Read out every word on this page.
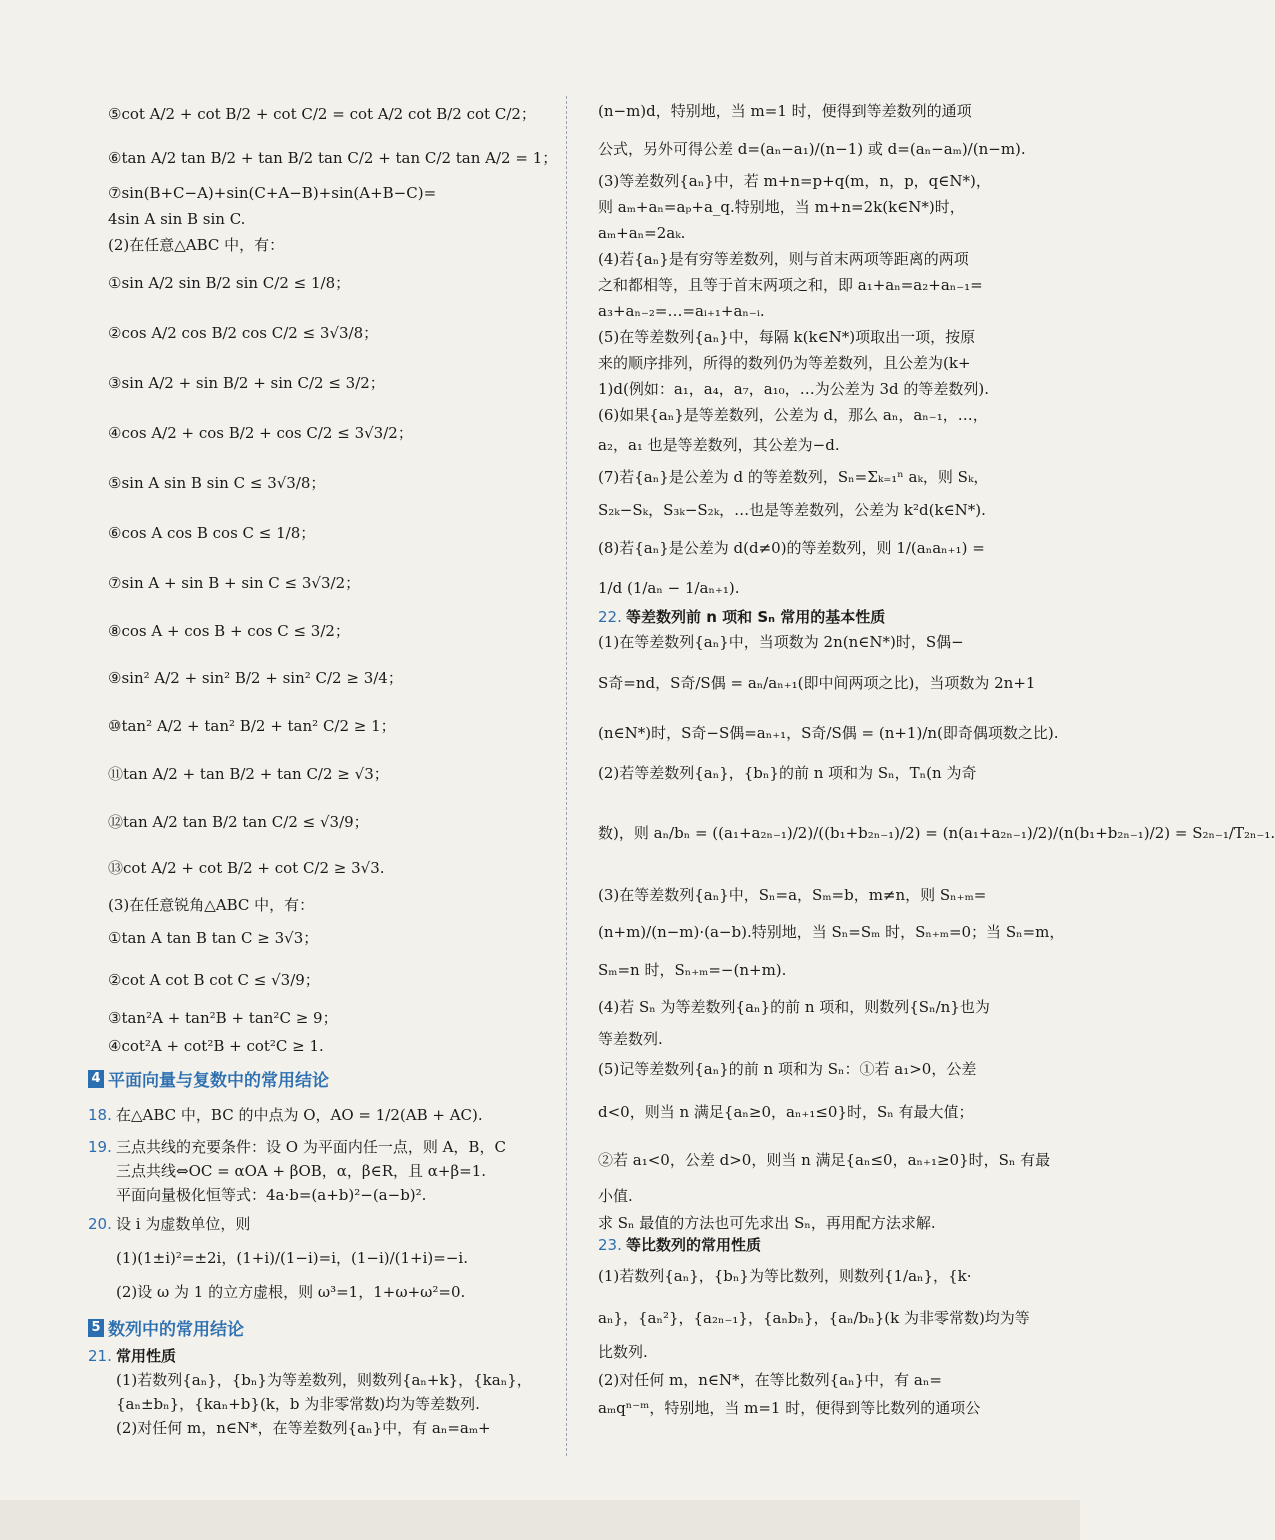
⑤cot A/2 + cot B/2 + cot C/2 = cot A/2 cot B/2 cot C/2；
⑥tan A/2 tan B/2 + tan B/2 tan C/2 + tan C/2 tan A/2 = 1；
⑦sin(B+C−A)+sin(C+A−B)+sin(A+B−C)=
4sin A sin B sin C.
(2)在任意△ABC 中，有：
①sin A/2 sin B/2 sin C/2 ≤ 1/8；
②cos A/2 cos B/2 cos C/2 ≤ 3√3/8；
③sin A/2 + sin B/2 + sin C/2 ≤ 3/2；
④cos A/2 + cos B/2 + cos C/2 ≤ 3√3/2；
⑤sin A sin B sin C ≤ 3√3/8；
⑥cos A cos B cos C ≤ 1/8；
⑦sin A + sin B + sin C ≤ 3√3/2；
⑧cos A + cos B + cos C ≤ 3/2；
⑨sin² A/2 + sin² B/2 + sin² C/2 ≥ 3/4；
⑩tan² A/2 + tan² B/2 + tan² C/2 ≥ 1；
⑪tan A/2 + tan B/2 + tan C/2 ≥ √3；
⑫tan A/2 tan B/2 tan C/2 ≤ √3/9；
⑬cot A/2 + cot B/2 + cot C/2 ≥ 3√3.
(3)在任意锐角△ABC 中，有：
①tan A tan B tan C ≥ 3√3；
②cot A cot B cot C ≤ √3/9；
③tan²A + tan²B + tan²C ≥ 9；
④cot²A + cot²B + cot²C ≥ 1.
4 平面向量与复数中的常用结论
18. 在△ABC 中，BC 的中点为 O，AO = 1/2(AB + AC).
19. 三点共线的充要条件：设 O 为平面内任一点，则 A，B，C
三点共线⇔OC = αOA + βOB，α，β∈R，且 α+β=1.
平面向量极化恒等式：4a·b=(a+b)²−(a−b)².
20. 设 i 为虚数单位，则
(1)(1±i)²=±2i，(1+i)/(1−i)=i，(1−i)/(1+i)=−i.
(2)设 ω 为 1 的立方虚根，则 ω³=1，1+ω+ω²=0.
5 数列中的常用结论
21. 常用性质
(1)若数列{aₙ}，{bₙ}为等差数列，则数列{aₙ+k}，{kaₙ}，
{aₙ±bₙ}，{kaₙ+b}(k，b 为非零常数)均为等差数列.
(2)对任何 m，n∈N*，在等差数列{aₙ}中，有 aₙ=aₘ+
(n−m)d，特别地，当 m=1 时，便得到等差数列的通项
公式，另外可得公差 d=(aₙ−a₁)/(n−1) 或 d=(aₙ−aₘ)/(n−m).
(3)等差数列{aₙ}中，若 m+n=p+q(m，n，p，q∈N*)，
则 aₘ+aₙ=aₚ+a_q.特别地，当 m+n=2k(k∈N*)时，
aₘ+aₙ=2aₖ.
(4)若{aₙ}是有穷等差数列，则与首末两项等距离的两项
之和都相等，且等于首末两项之和，即 a₁+aₙ=a₂+aₙ₋₁=
a₃+aₙ₋₂=…=aᵢ₊₁+aₙ₋ᵢ.
(5)在等差数列{aₙ}中，每隔 k(k∈N*)项取出一项，按原
来的顺序排列，所得的数列仍为等差数列，且公差为(k+
1)d(例如：a₁，a₄，a₇，a₁₀，…为公差为 3d 的等差数列).
(6)如果{aₙ}是等差数列，公差为 d，那么 aₙ，aₙ₋₁，…，
a₂，a₁ 也是等差数列，其公差为−d.
(7)若{aₙ}是公差为 d 的等差数列，Sₙ=Σₖ₌₁ⁿ aₖ，则 Sₖ，
S₂ₖ−Sₖ，S₃ₖ−S₂ₖ，…也是等差数列，公差为 k²d(k∈N*).
(8)若{aₙ}是公差为 d(d≠0)的等差数列，则 1/(aₙaₙ₊₁) =
1/d (1/aₙ − 1/aₙ₊₁).
22. 等差数列前 n 项和 Sₙ 常用的基本性质
(1)在等差数列{aₙ}中，当项数为 2n(n∈N*)时，S偶−
S奇=nd，S奇/S偶 = aₙ/aₙ₊₁(即中间两项之比)，当项数为 2n+1
(n∈N*)时，S奇−S偶=aₙ₊₁，S奇/S偶 = (n+1)/n(即奇偶项数之比).
(2)若等差数列{aₙ}，{bₙ}的前 n 项和为 Sₙ，Tₙ(n 为奇
数)，则 aₙ/bₙ = ((a₁+a₂ₙ₋₁)/2)/((b₁+b₂ₙ₋₁)/2) = (n(a₁+a₂ₙ₋₁)/2)/(n(b₁+b₂ₙ₋₁)/2) = S₂ₙ₋₁/T₂ₙ₋₁.
(3)在等差数列{aₙ}中，Sₙ=a，Sₘ=b，m≠n，则 Sₙ₊ₘ=
(n+m)/(n−m)·(a−b).特别地，当 Sₙ=Sₘ 时，Sₙ₊ₘ=0；当 Sₙ=m，
Sₘ=n 时，Sₙ₊ₘ=−(n+m).
(4)若 Sₙ 为等差数列{aₙ}的前 n 项和，则数列{Sₙ/n}也为
等差数列.
(5)记等差数列{aₙ}的前 n 项和为 Sₙ：①若 a₁>0，公差
d<0，则当 n 满足{aₙ≥0，aₙ₊₁≤0}时，Sₙ 有最大值；
②若 a₁<0，公差 d>0，则当 n 满足{aₙ≤0，aₙ₊₁≥0}时，Sₙ 有最
小值.
求 Sₙ 最值的方法也可先求出 Sₙ，再用配方法求解.
23. 等比数列的常用性质
(1)若数列{aₙ}，{bₙ}为等比数列，则数列{1/aₙ}，{k·
aₙ}，{aₙ²}，{a₂ₙ₋₁}，{aₙbₙ}，{aₙ/bₙ}(k 为非零常数)均为等
比数列.
(2)对任何 m，n∈N*，在等比数列{aₙ}中，有 aₙ=
aₘqⁿ⁻ᵐ，特别地，当 m=1 时，便得到等比数列的通项公
